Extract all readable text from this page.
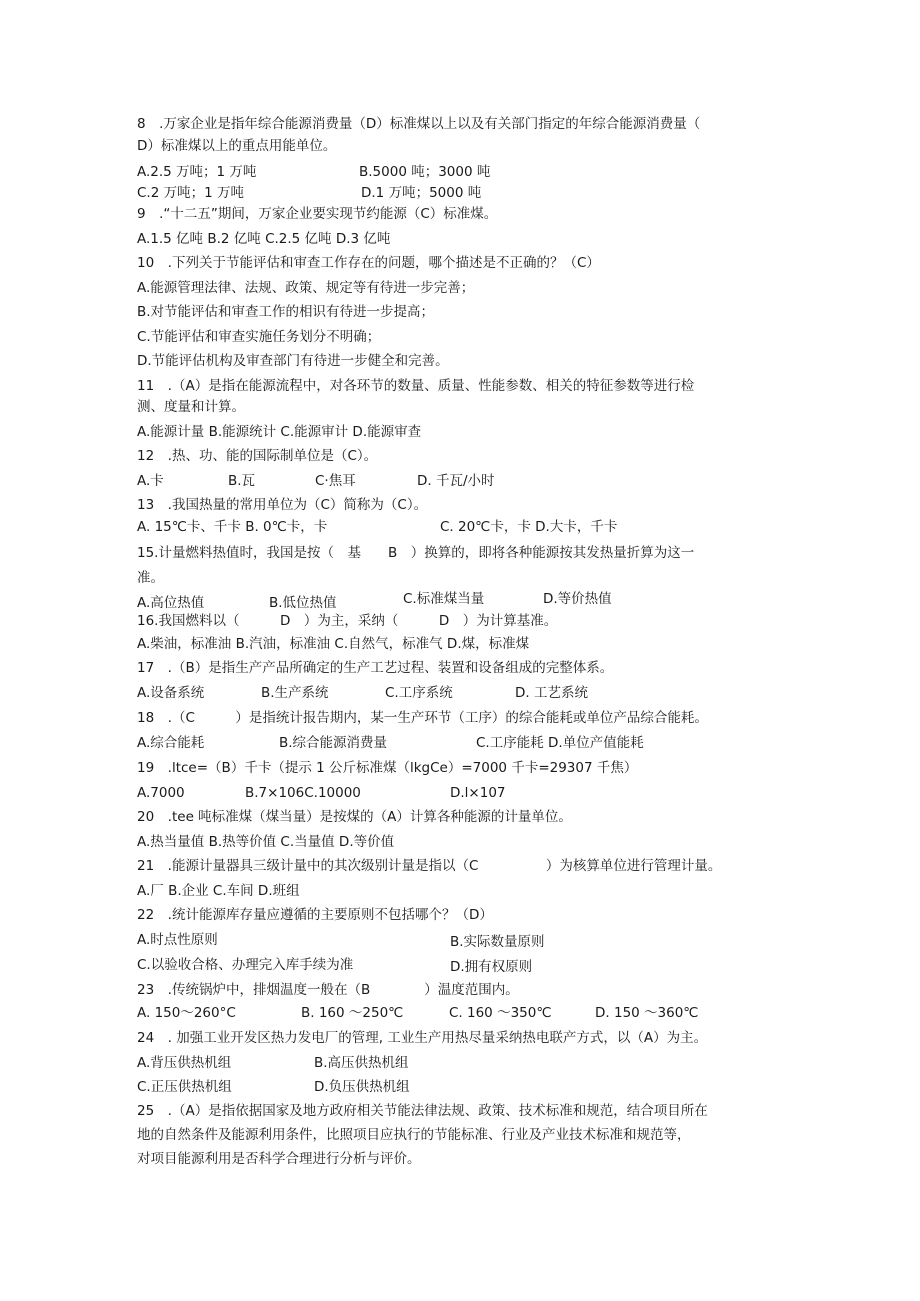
8　.万家企业是指年综合能源消费量（D）标准煤以上以及有关部门指定的年综合能源消费量（
D）标准煤以上的重点用能单位。
A.2.5 万吨；1 万吨	B.5000 吨；3000 吨
C.2 万吨；1 万吨	D.1 万吨；5000 吨
9　.“十二五”期间，万家企业要实现节约能源（C）标准煤。
A.1.5 亿吨 B.2 亿吨 C.2.5 亿吨 D.3 亿吨
10　.下列关于节能评估和审查工作存在的问题，哪个描述是不正确的？（C）
A.能源管理法律、法规、政策、规定等有待进一步完善；
B.对节能评估和审查工作的相识有待进一步提高；
C.节能评估和审查实施任务划分不明确；
D.节能评估机构及审查部门有待进一步健全和完善。
11　.（A）是指在能源流程中，对各环节的数量、质量、性能参数、相关的特征参数等进行检
测、度量和计算。
A.能源计量 B.能源统计 C.能源审计 D.能源审查
12　.热、功、能的国际制单位是（C）。
A.卡	B.瓦	C·焦耳	D. 千瓦/小时
13　.我国热量的常用单位为（C）简称为（C）。
A. 15℃卡、千卡 B. 0℃卡，卡	C. 20℃卡，卡 D.大卡，千卡
15.计量燃料热值时，我国是按（　基　　B　）换算的，即将各种能源按其发热量折算为这一
准。
A.高位热值	B.低位热值	C.标准煤当量	D.等价热值
16.我国燃料以（　　　D　）为主，采纳（　　　D　）为计算基准。
A.柴油，标准油 B.汽油，标准油 C.自然气，标准气 D.煤，标准煤
17　.（B）是指生产产品所确定的生产工艺过程、装置和设备组成的完整体系。
A.设备系统	B.生产系统	C.工序系统	D. 工艺系统
18　.（C　　　）是指统计报告期内，某一生产环节（工序）的综合能耗或单位产品综合能耗。
A.综合能耗	B.综合能源消费量	C.工序能耗 D.单位产值能耗
19　.ltce=（B）千卡（提示 1 公斤标准煤（lkgCe）=7000 千卡=29307 千焦）
A.7000	B.7×106C.10000	D.l×107
20　.tee 吨标准煤（煤当量）是按煤的（A）计算各种能源的计量单位。
A.热当量值 B.热等价值 C.当量值 D.等价值
21　.能源计量器具三级计量中的其次级别计量是指以（C　　　　　）为核算单位进行管理计量。
A.厂 B.企业 C.车间 D.班组
22　.统计能源库存量应遵循的主要原则不包括哪个？（D）
A.时点性原则	B.实际数量原则
C.以验收合格、办理完入库手续为准	D.拥有权原则
23　.传统锅炉中，排烟温度一般在（B　　　　）温度范围内。
A. 150～260°C	B. 160 ～250℃	C. 160 ～350℃	D. 150 ～360℃
24　. 加强工业开发区热力发电厂的管理, 工业生产用热尽量采纳热电联产方式，以（A）为主。
A.背压供热机组	B.高压供热机组
C.正压供热机组	D.负压供热机组
25　.（A）是指依据国家及地方政府相关节能法律法规、政策、技术标准和规范，结合项目所在
地的自然条件及能源利用条件，比照项目应执行的节能标准、行业及产业技术标准和规范等，
对项目能源利用是否科学合理进行分析与评价。
